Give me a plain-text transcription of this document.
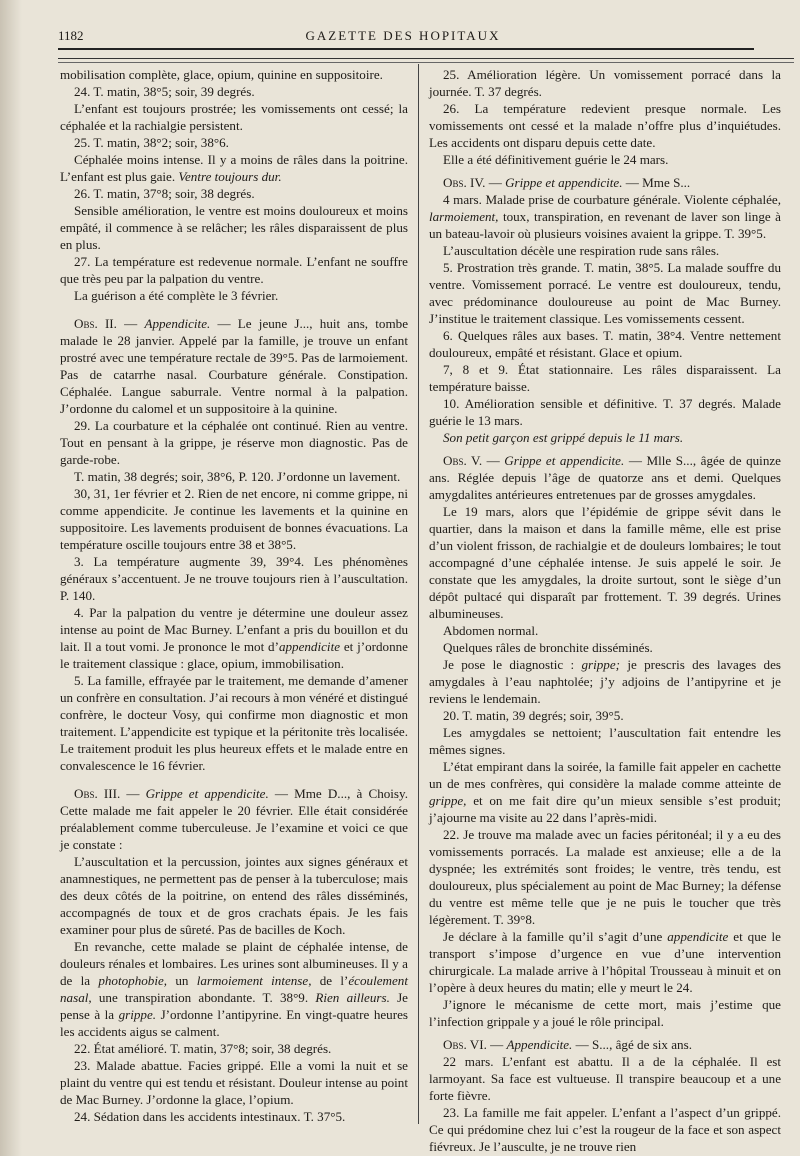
1182	GAZETTE DES HOPITAUX

mobilisation complète, glace, opium, quinine en suppositoire.

24. T. matin, 38°5; soir, 39 degrés.

L’enfant est toujours prostrée; les vomissements ont cessé; la céphalée et la rachialgie persistent.

25. T. matin, 38°2; soir, 38°6.

Céphalée moins intense. Il y a moins de râles dans la poitrine. L’enfant est plus gaie. Ventre toujours dur.

26. T. matin, 37°8; soir, 38 degrés.

Sensible amélioration, le ventre est moins douloureux et moins empâté, il commence à se relâcher; les râles disparaissent de plus en plus.

27. La température est redevenue normale. L’enfant ne souffre que très peu par la palpation du ventre.

La guérison a été complète le 3 février.

Obs. II. — Appendicite. — Le jeune J..., huit ans, tombe malade le 28 janvier. Appelé par la famille, je trouve un enfant prostré avec une température rectale de 39°5. Pas de larmoiement. Pas de catarrhe nasal. Courbature générale. Constipation. Céphalée. Langue saburrale. Ventre normal à la palpation. J’ordonne du calomel et un suppositoire à la quinine.

29. La courbature et la céphalée ont continué. Rien au ventre. Tout en pensant à la grippe, je réserve mon diagnostic. Pas de garde-robe.

T. matin, 38 degrés; soir, 38°6, P. 120. J’ordonne un lavement.

30, 31, 1er février et 2. Rien de net encore, ni comme grippe, ni comme appendicite. Je continue les lavements et la quinine en suppositoire. Les lavements produisent de bonnes évacuations. La température oscille toujours entre 38 et 38°5.

3. La température augmente 39, 39°4. Les phénomènes généraux s’accentuent. Je ne trouve toujours rien à l’auscultation. P. 140.

4. Par la palpation du ventre je détermine une douleur assez intense au point de Mac Burney. L’enfant a pris du bouillon et du lait. Il a tout vomi. Je prononce le mot d’appendicite et j’ordonne le traitement classique : glace, opium, immobilisation.

5. La famille, effrayée par le traitement, me demande d’amener un confrère en consultation. J’ai recours à mon vénéré et distingué confrère, le docteur Vosy, qui confirme mon diagnostic et mon traitement. L’appendicite est typique et la péritonite très localisée. Le traitement produit les plus heureux effets et le malade entre en convalescence le 16 février.

Obs. III. — Grippe et appendicite. — Mme D..., à Choisy. Cette malade me fait appeler le 20 février. Elle était considérée préalablement comme tuberculeuse. Je l’examine et voici ce que je constate :

L’auscultation et la percussion, jointes aux signes généraux et anamnestiques, ne permettent pas de penser à la tuberculose; mais des deux côtés de la poitrine, on entend des râles disséminés, accompagnés de toux et de gros crachats épais. Je les fais examiner pour plus de sûreté. Pas de bacilles de Koch.

En revanche, cette malade se plaint de céphalée intense, de douleurs rénales et lombaires. Les urines sont albumineuses. Il y a de la photophobie, un larmoiement intense, de l’écoulement nasal, une transpiration abondante. T. 38°9. Rien ailleurs. Je pense à la grippe. J’ordonne l’antipyrine. En vingt-quatre heures les accidents aigus se calment.

22. État amélioré. T. matin, 37°8; soir, 38 degrés.

23. Malade abattue. Facies grippé. Elle a vomi la nuit et se plaint du ventre qui est tendu et résistant. Douleur intense au point de Mac Burney. J’ordonne la glace, l’opium.

24. Sédation dans les accidents intestinaux. T. 37°5.

25. Amélioration légère. Un vomissement porracé dans la journée. T. 37 degrés.

26. La température redevient presque normale. Les vomissements ont cessé et la malade n’offre plus d’inquiétudes. Les accidents ont disparu depuis cette date.

Elle a été définitivement guérie le 24 mars.

Obs. IV. — Grippe et appendicite. — Mme S...

4 mars. Malade prise de courbature générale. Violente céphalée, larmoiement, toux, transpiration, en revenant de laver son linge à un bateau-lavoir où plusieurs voisines avaient la grippe. T. 39°5.

L’auscultation décèle une respiration rude sans râles.

5. Prostration très grande. T. matin, 38°5. La malade souffre du ventre. Vomissement porracé. Le ventre est douloureux, tendu, avec prédominance douloureuse au point de Mac Burney. J’institue le traitement classique. Les vomissements cessent.

6. Quelques râles aux bases. T. matin, 38°4. Ventre nettement douloureux, empâté et résistant. Glace et opium.

7, 8 et 9. État stationnaire. Les râles disparaissent. La température baisse.

10. Amélioration sensible et définitive. T. 37 degrés. Malade guérie le 13 mars.

Son petit garçon est grippé depuis le 11 mars.

Obs. V. — Grippe et appendicite. — Mlle S..., âgée de quinze ans. Réglée depuis l’âge de quatorze ans et demi. Quelques amygdalites antérieures entretenues par de grosses amygdales.

Le 19 mars, alors que l’épidémie de grippe sévit dans le quartier, dans la maison et dans la famille même, elle est prise d’un violent frisson, de rachialgie et de douleurs lombaires; le tout accompagné d’une céphalée intense. Je suis appelé le soir. Je constate que les amygdales, la droite surtout, sont le siège d’un dépôt pultacé qui disparaît par frottement. T. 39 degrés. Urines albumineuses.

Abdomen normal.

Quelques râles de bronchite disséminés.

Je pose le diagnostic : grippe; je prescris des lavages des amygdales à l’eau naphtolée; j’y adjoins de l’antipyrine et je reviens le lendemain.

20. T. matin, 39 degrés; soir, 39°5.

Les amygdales se nettoient; l’auscultation fait entendre les mêmes signes.

L’état empirant dans la soirée, la famille fait appeler en cachette un de mes confrères, qui considère la malade comme atteinte de grippe, et on me fait dire qu’un mieux sensible s’est produit; j’ajourne ma visite au 22 dans l’après-midi.

22. Je trouve ma malade avec un facies péritonéal; il y a eu des vomissements porracés. La malade est anxieuse; elle a de la dyspnée; les extrémités sont froides; le ventre, très tendu, est douloureux, plus spécialement au point de Mac Burney; la défense du ventre est même telle que je ne puis le toucher que très légèrement. T. 39°8.

Je déclare à la famille qu’il s’agit d’une appendicite et que le transport s’impose d’urgence en vue d’une intervention chirurgicale. La malade arrive à l’hôpital Trousseau à minuit et on l’opère à deux heures du matin; elle y meurt le 24.

J’ignore le mécanisme de cette mort, mais j’estime que l’infection grippale y a joué le rôle principal.

Obs. VI. — Appendicite. — S..., âgé de six ans.

22 mars. L’enfant est abattu. Il a de la céphalée. Il est larmoyant. Sa face est vultueuse. Il transpire beaucoup et a une forte fièvre.

23. La famille me fait appeler. L’enfant a l’aspect d’un grippé. Ce qui prédomine chez lui c’est la rougeur de la face et son aspect fiévreux. Je l’ausculte, je ne trouve rien
